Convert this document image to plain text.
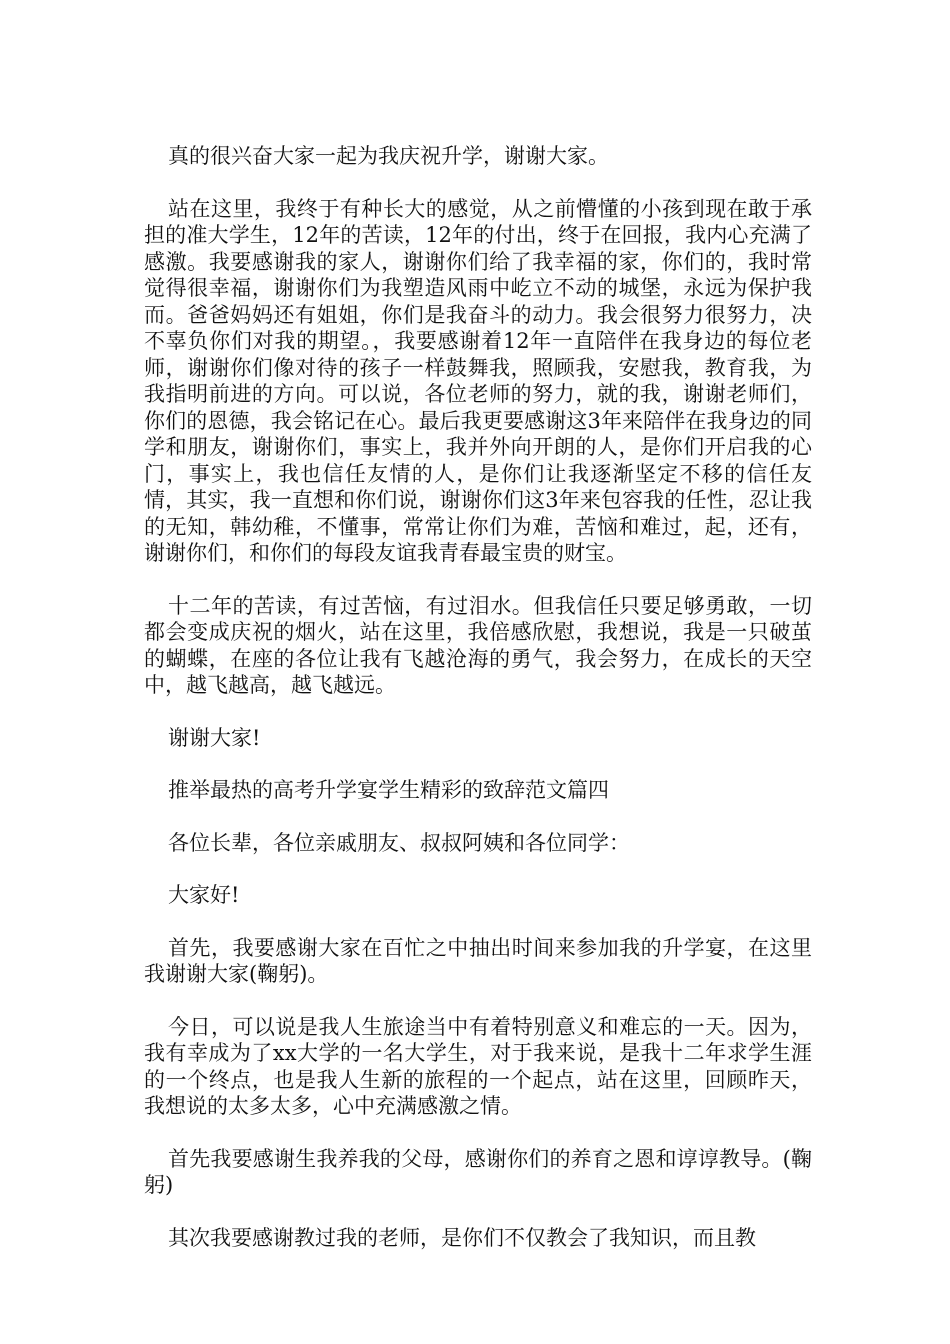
真的很兴奋大家一起为我庆祝升学，谢谢大家。

站在这里，我终于有种长大的感觉，从之前懵懂的小孩到现在敢于承担的准大学生，12年的苦读，12年的付出，终于在回报，我内心充满了感激。我要感谢我的家人，谢谢你们给了我幸福的家，你们的，我时常觉得很幸福，谢谢你们为我塑造风雨中屹立不动的城堡，永远为保护我而。爸爸妈妈还有姐姐，你们是我奋斗的动力。我会很努力很努力，决不辜负你们对我的期望。，我要感谢着12年一直陪伴在我身边的每位老师，谢谢你们像对待的孩子一样鼓舞我，照顾我，安慰我，教育我，为我指明前进的方向。可以说，各位老师的努力，就的我，谢谢老师们，你们的恩德，我会铭记在心。最后我更要感谢这3年来陪伴在我身边的同学和朋友，谢谢你们，事实上，我并外向开朗的人，是你们开启我的心门，事实上，我也信任友情的人，是你们让我逐渐坚定不移的信任友情，其实，我一直想和你们说，谢谢你们这3年来包容我的任性，忍让我的无知，韩幼稚，不懂事，常常让你们为难，苦恼和难过，起，还有，谢谢你们，和你们的每段友谊我青春最宝贵的财宝。

十二年的苦读，有过苦恼，有过泪水。但我信任只要足够勇敢，一切都会变成庆祝的烟火，站在这里，我倍感欣慰，我想说，我是一只破茧的蝴蝶，在座的各位让我有飞越沧海的勇气，我会努力，在成长的天空中，越飞越高，越飞越远。

谢谢大家!

推举最热的高考升学宴学生精彩的致辞范文篇四

各位长辈，各位亲戚朋友、叔叔阿姨和各位同学：

大家好!

首先，我要感谢大家在百忙之中抽出时间来参加我的升学宴，在这里我谢谢大家(鞠躬)。

今日，可以说是我人生旅途当中有着特别意义和难忘的一天。因为，我有幸成为了xx大学的一名大学生，对于我来说，是我十二年求学生涯的一个终点，也是我人生新的旅程的一个起点，站在这里，回顾昨天，我想说的太多太多，心中充满感激之情。

首先我要感谢生我养我的父母，感谢你们的养育之恩和谆谆教导。(鞠躬)

其次我要感谢教过我的老师，是你们不仅教会了我知识，而且教
